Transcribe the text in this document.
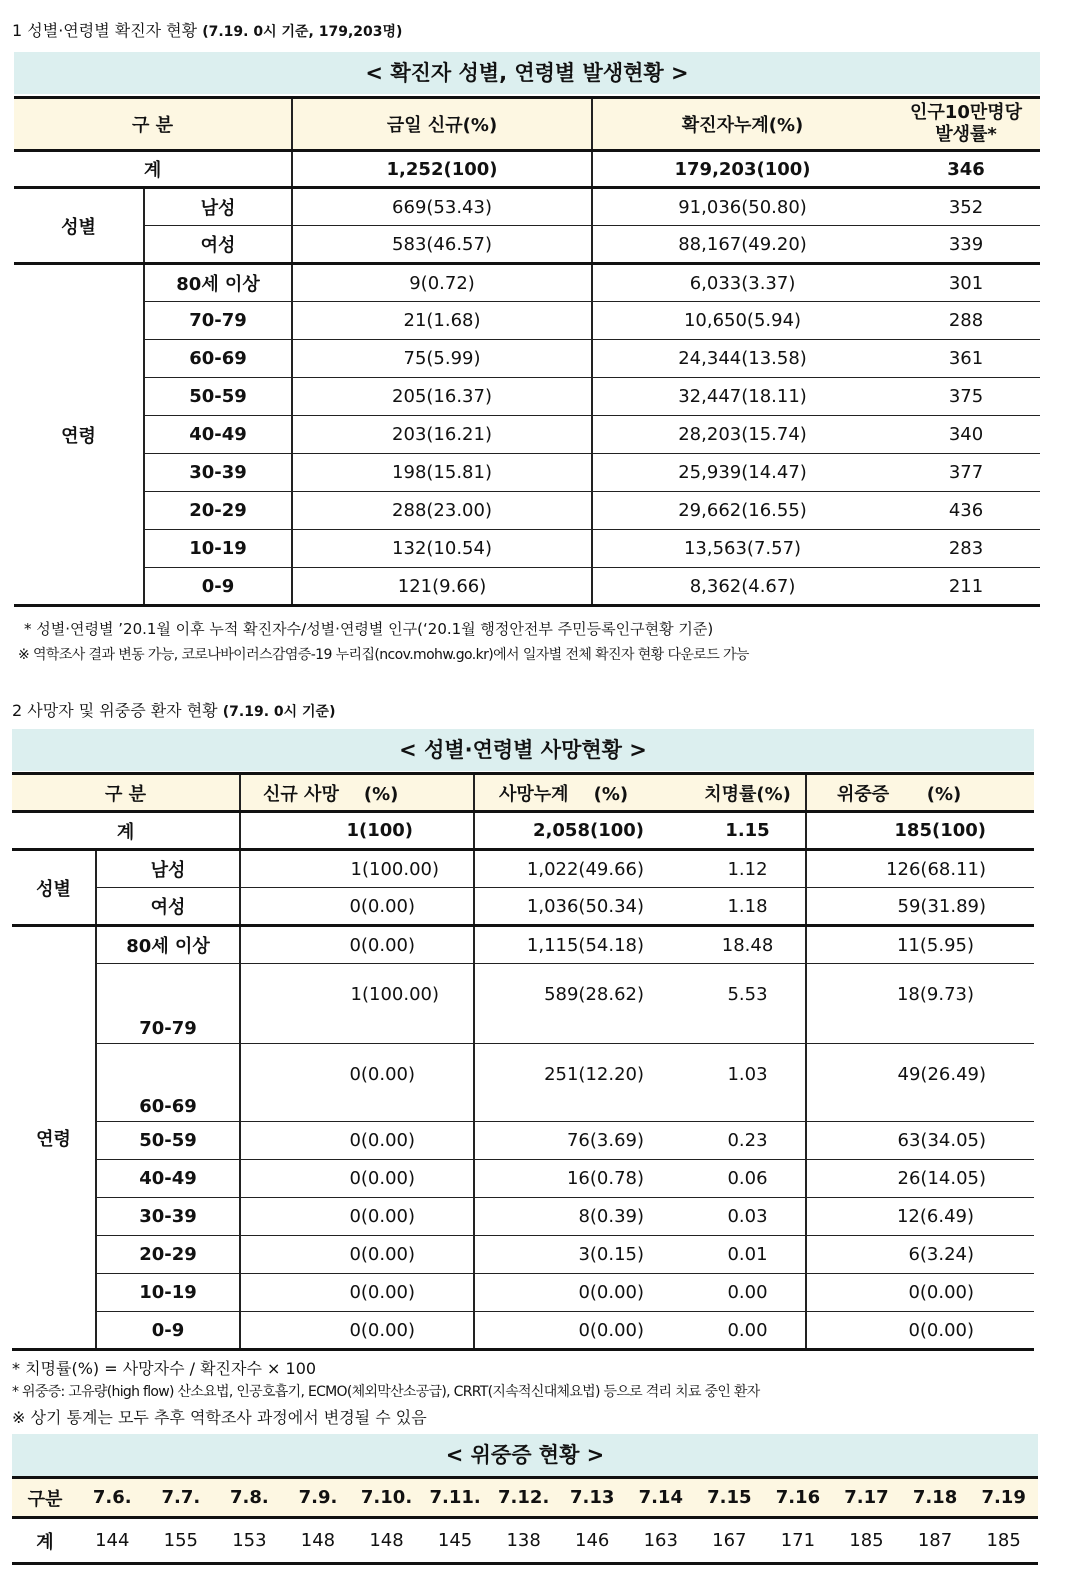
1 성별·연령별 확진자 현황 (7.19. 0시 기준, 179,203명)
< 확진자 성별, 연령별 발생현황 >
구 분		금일 신규(%)	확진자누계(%)	인구10만명당
발생률*

계		1,252(100)	179,203(100)	346
성별	남성	669(53.43)	91,036(50.80)	352
	여성	583(46.57)	88,167(49.20)	339
연령	80세 이상	9(0.72)	6,033(3.37)	301
	70-79	21(1.68)	10,650(5.94)	288
	60-69	75(5.99)	24,344(13.58)	361
	50-59	205(16.37)	32,447(18.11)	375
	40-49	203(16.21)	28,203(15.74)	340
	30-39	198(15.81)	25,939(14.47)	377
	20-29	288(23.00)	29,662(16.55)	436
	10-19	132(10.54)	13,563(7.57)	283
	0-9	121(9.66)	8,362(4.67)	211
* 성별·연령별 ’20.1월 이후 누적 확진자수/성별·연령별 인구(‘20.1월 행정안전부 주민등록인구현황 기준)
※ 역학조사 결과 변동 가능, 코로나바이러스감염증-19 누리집(ncov.mohw.go.kr)에서 일자별 전체 확진자 현황 다운로드 가능
2 사망자 및 위중증 환자 현황 (7.19. 0시 기준)
< 성별·연령별 사망현황 >
구 분		신규 사망 (%)	사망누계 (%)	치명률(%)	위중증 (%)
계		1(100)	2,058(100)	1.15	185(100)
성별	남성	1(100.00)	1,022(49.66)	1.12	126(68.11)
	여성	0(0.00)	1,036(50.34)	1.18	59(31.89)
연령	80세 이상	0(0.00)	1,115(54.18)	18.48	11(5.95)
	70-79	1(100.00)	589(28.62)	5.53	18(9.73)
	60-69	0(0.00)	251(12.20)	1.03	49(26.49)
	50-59	0(0.00)	76(3.69)	0.23	63(34.05)
	40-49	0(0.00)	16(0.78)	0.06	26(14.05)
	30-39	0(0.00)	8(0.39)	0.03	12(6.49)
	20-29	0(0.00)	3(0.15)	0.01	6(3.24)
	10-19	0(0.00)	0(0.00)	0.00	0(0.00)
	0-9	0(0.00)	0(0.00)	0.00	0(0.00)
* 치명률(%) = 사망자수 / 확진자수 × 100
* 위중증: 고유량(high flow) 산소요법, 인공호흡기, ECMO(체외막산소공급), CRRT(지속적신대체요법) 등으로 격리 치료 중인 환자
※ 상기 통계는 모두 추후 역학조사 과정에서 변경될 수 있음
< 위중증 현황 >
구분	7.6.	7.7.	7.8.	7.9.	7.10.	7.11.	7.12.	7.13	7.14	7.15	7.16	7.17	7.18	7.19
계	144	155	153	148	148	145	138	146	163	167	171	185	187	185
